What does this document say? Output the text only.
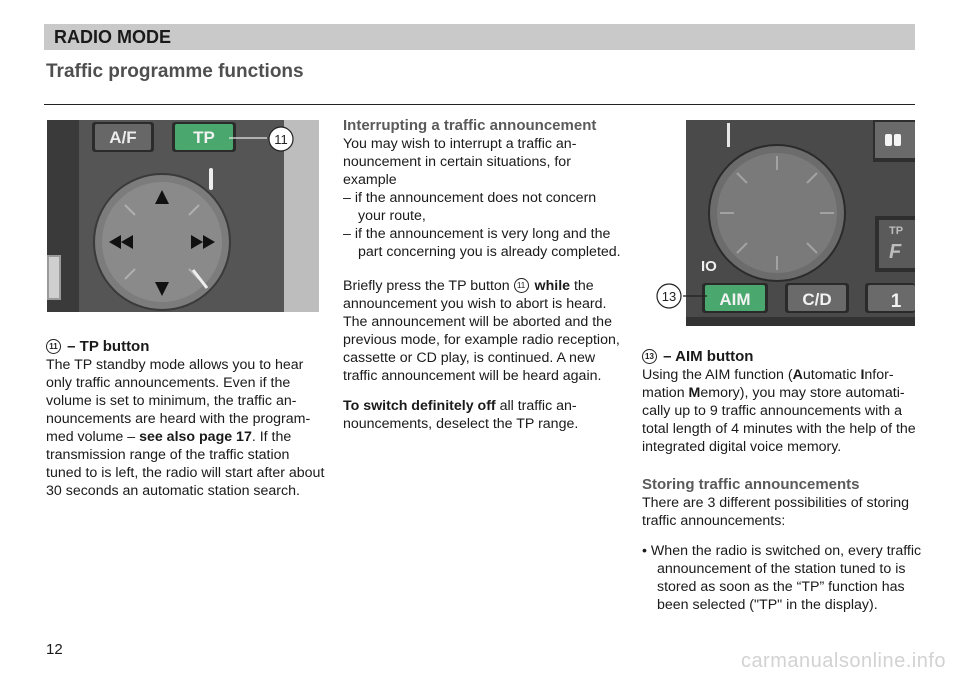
RADIO MODE
Traffic programme functions
A/F	TP	11
IO
TP
F
AIM	C/D	1
13

11 – TP button

The TP standby mode allows you to hear only traffic announcements. Even if the volume is set to minimum, the traffic announcements are heard with the programmed volume – see also page 17. If the transmission range of the traffic station tuned to is left, the radio will start after about 30 seconds an automatic station search.

Interrupting a traffic announcement

You may wish to interrupt a traffic announcement in certain situations, for example

– if the announcement does not concern your route,

– if the announcement is very long and the part concerning you is already completed.

Briefly press the TP button 11 while the announcement you wish to abort is heard. The announcement will be aborted and the previous mode, for example radio reception, cassette or CD play, is continued. A new traffic announcement will be heard again.

To switch definitely off all traffic announcements, deselect the TP range.

13 – AIM button

Using the AIM function (Automatic Information Memory), you may store automatically up to 9 traffic announcements with a total length of 4 minutes with the help of the integrated digital voice memory.

Storing traffic announcements

There are 3 different possibilities of storing traffic announcements:

• When the radio is switched on, every traffic announcement of the station tuned to is stored as soon as the “TP” function has been selected ("TP" in the display).

12
carmanualsonline.info
